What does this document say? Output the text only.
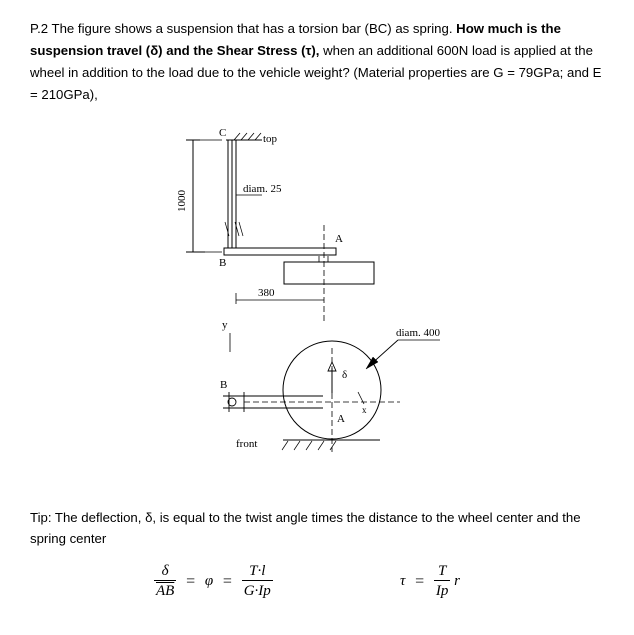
P.2 The figure shows a suspension that has a torsion bar (BC) as spring. How much is the suspension travel (δ) and the Shear Stress (τ), when an additional 600N load is applied at the wheel in addition to the load due to the vehicle weight? (Material properties are G = 79GPa; and E = 210GPa),
1000
C	top
diam. 25
B
A
380
y
B
δ
x
A
diam. 400
front
Tip: The deflection, δ, is equal to the twist angle times the distance to the wheel center and the spring center
$\frac{\delta}{AB} = \varphi = \frac{T\cdot l}{G\cdot Ip}$	$\tau = \frac{T}{Ip}$ r
